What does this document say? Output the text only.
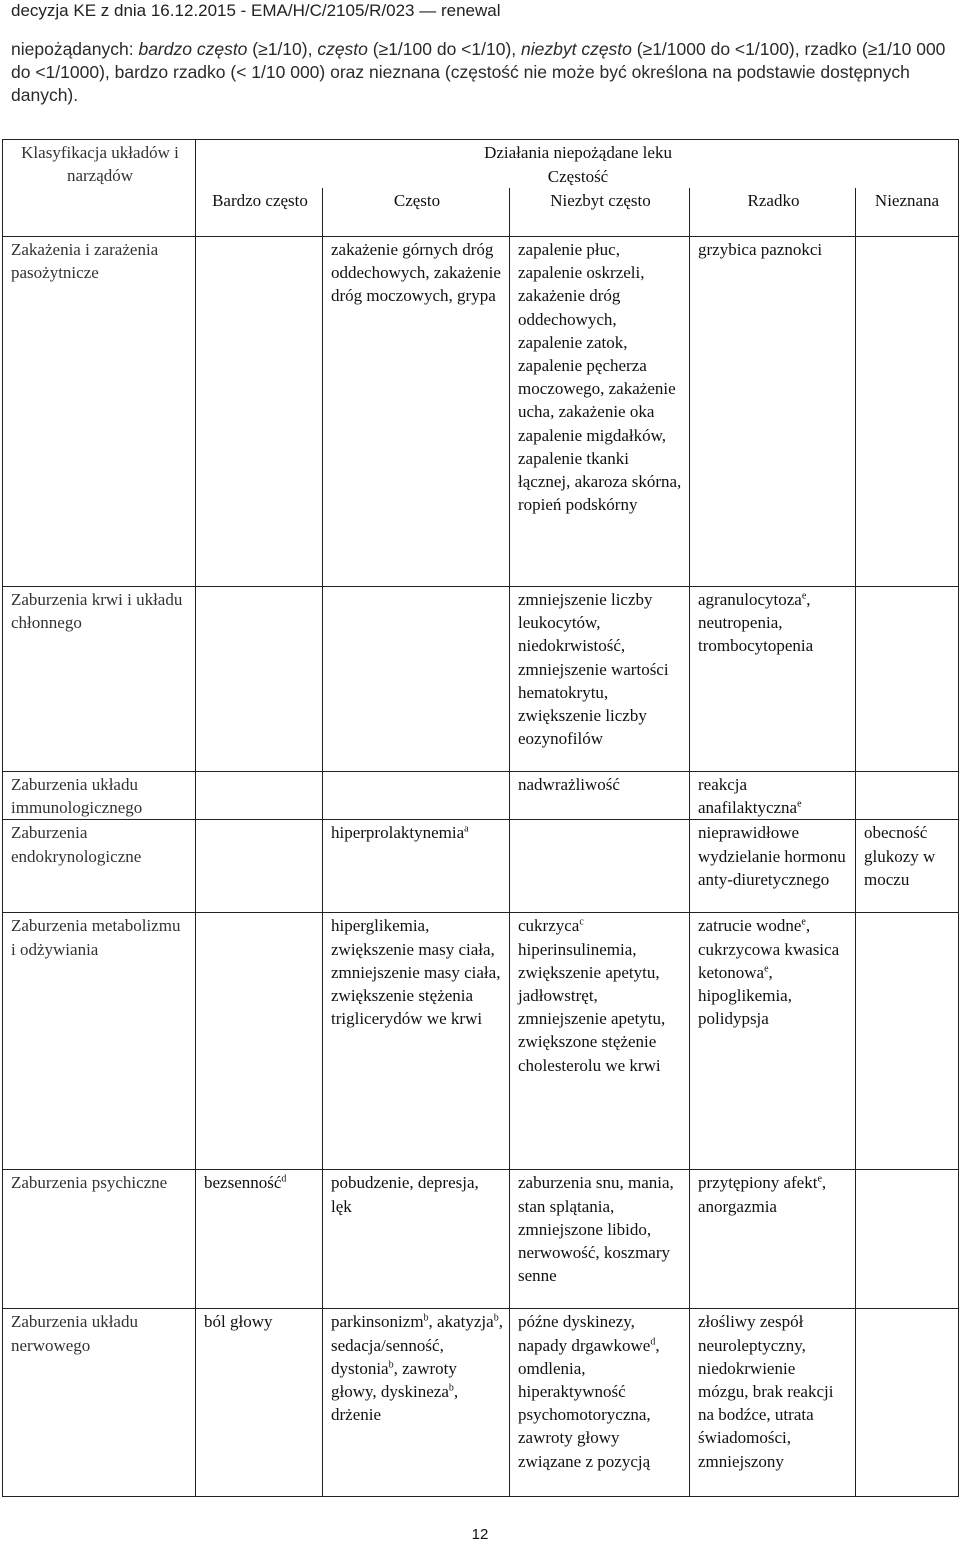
decyzja KE z dnia 16.12.2015 - EMA/H/C/2105/R/023 — renewal
niepożądanych: bardzo często (≥1/10), często (≥1/100 do <1/10), niezbyt często (≥1/1000 do <1/100), rzadko (≥1/10 000 do <1/1000), bardzo rzadko (< 1/10 000) oraz nieznana (częstość nie może być określona na podstawie dostępnych danych).
Klasyfikacja układów i narządów	Działania niepożądane leku				
	Częstość				
	Bardzo często	Często	Niezbyt często	Rzadko	Nieznana
Zakażenia i zarażenia pasożytnicze		zakażenie górnych dróg oddechowych, zakażenie dróg moczowych, grypa	zapalenie płuc, zapalenie oskrzeli, zakażenie dróg oddechowych, zapalenie zatok, zapalenie pęcherza moczowego, zakażenie ucha, zakażenie oka zapalenie migdałków, zapalenie tkanki łącznej, akaroza skórna, ropień podskórny	grzybica paznokci	
Zaburzenia krwi i układu chłonnego			zmniejszenie liczby leukocytów, niedokrwistość, zmniejszenie wartości hematokrytu, zwiększenie liczby eozynofilów	agranulocytoza$^e$, neutropenia, trombocytopenia	
Zaburzenia układu immunologicznego			nadwrażliwość	reakcja anafilaktyczna$^e$	
Zaburzenia endokrynologiczne		hiperprolaktynemia$^a$		nieprawidłowe wydzielanie hormonu anty-diuretycznego	obecność glukozy w moczu
Zaburzenia metabolizmu i odżywiania		hiperglikemia, zwiększenie masy ciała, zmniejszenie masy ciała, zwiększenie stężenia triglicerydów we krwi	cukrzyca$^c$ hiperinsulinemia, zwiększenie apetytu, jadłowstręt, zmniejszenie apetytu, zwiększone stężenie cholesterolu we krwi	zatrucie wodne$^e$, cukrzycowa kwasica ketonowa$^e$, hipoglikemia, polidypsja	
Zaburzenia psychiczne	bezsenność$^d$	pobudzenie, depresja, lęk	zaburzenia snu, mania, stan splątania, zmniejszone libido, nerwowość, koszmary senne	przytępiony afekt$^e$, anorgazmia	
Zaburzenia układu nerwowego	ból głowy	parkinsonizm$^b$, akatyzja$^b$, sedacja/senność, dystonia$^b$, zawroty głowy, dyskineza$^b$, drżenie	późne dyskinezy, napady drgawkowe$^d$, omdlenia, hiperaktywność psychomotoryczna, zawroty głowy związane z pozycją	złośliwy zespół neuroleptyczny, niedokrwienie mózgu, brak reakcji na bodźce, utrata świadomości, zmniejszony	
12
